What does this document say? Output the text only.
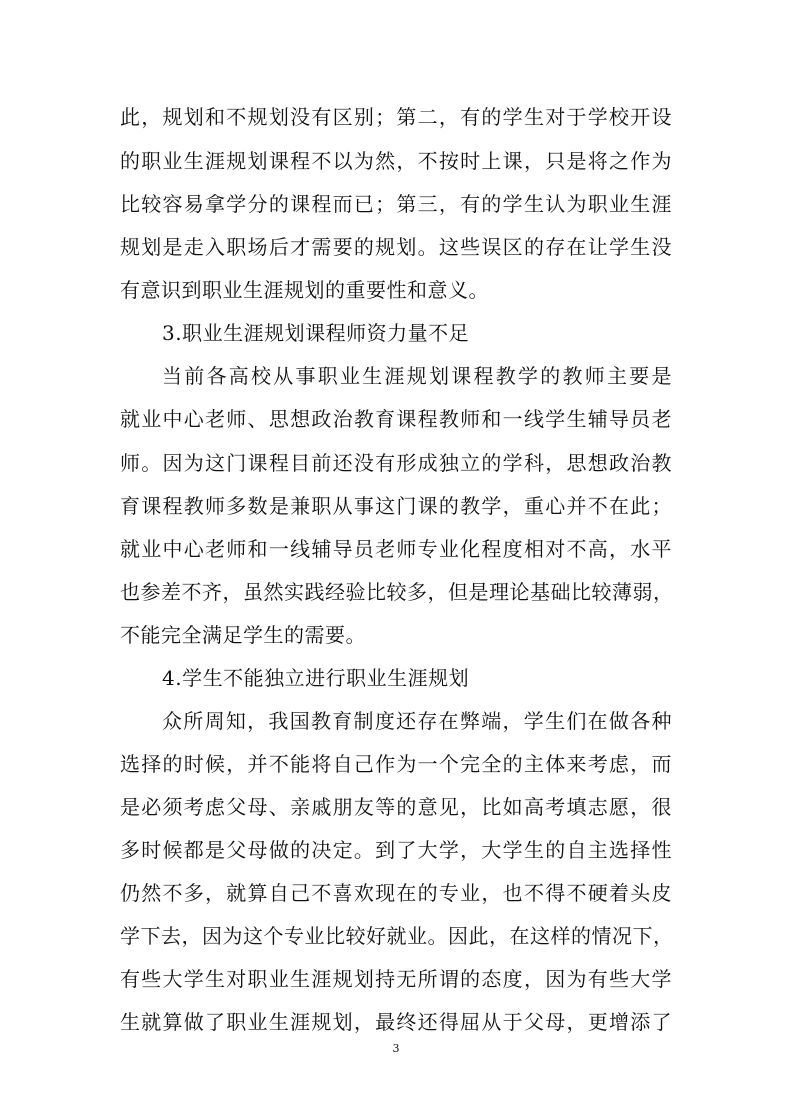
此，规划和不规划没有区别；第二，有的学生对于学校开设
的职业生涯规划课程不以为然，不按时上课，只是将之作为
比较容易拿学分的课程而已；第三，有的学生认为职业生涯
规划是走入职场后才需要的规划。这些误区的存在让学生没
有意识到职业生涯规划的重要性和意义。
3.职业生涯规划课程师资力量不足
当前各高校从事职业生涯规划课程教学的教师主要是
就业中心老师、思想政治教育课程教师和一线学生辅导员老
师。因为这门课程目前还没有形成独立的学科，思想政治教
育课程教师多数是兼职从事这门课的教学，重心并不在此；
就业中心老师和一线辅导员老师专业化程度相对不高，水平
也参差不齐，虽然实践经验比较多，但是理论基础比较薄弱，
不能完全满足学生的需要。
4.学生不能独立进行职业生涯规划
众所周知，我国教育制度还存在弊端，学生们在做各种
选择的时候，并不能将自己作为一个完全的主体来考虑，而
是必须考虑父母、亲戚朋友等的意见，比如高考填志愿，很
多时候都是父母做的决定。到了大学，大学生的自主选择性
仍然不多，就算自己不喜欢现在的专业，也不得不硬着头皮
学下去，因为这个专业比较好就业。因此，在这样的情况下，
有些大学生对职业生涯规划持无所谓的态度，因为有些大学
生就算做了职业生涯规划，最终还得屈从于父母，更增添了
3
